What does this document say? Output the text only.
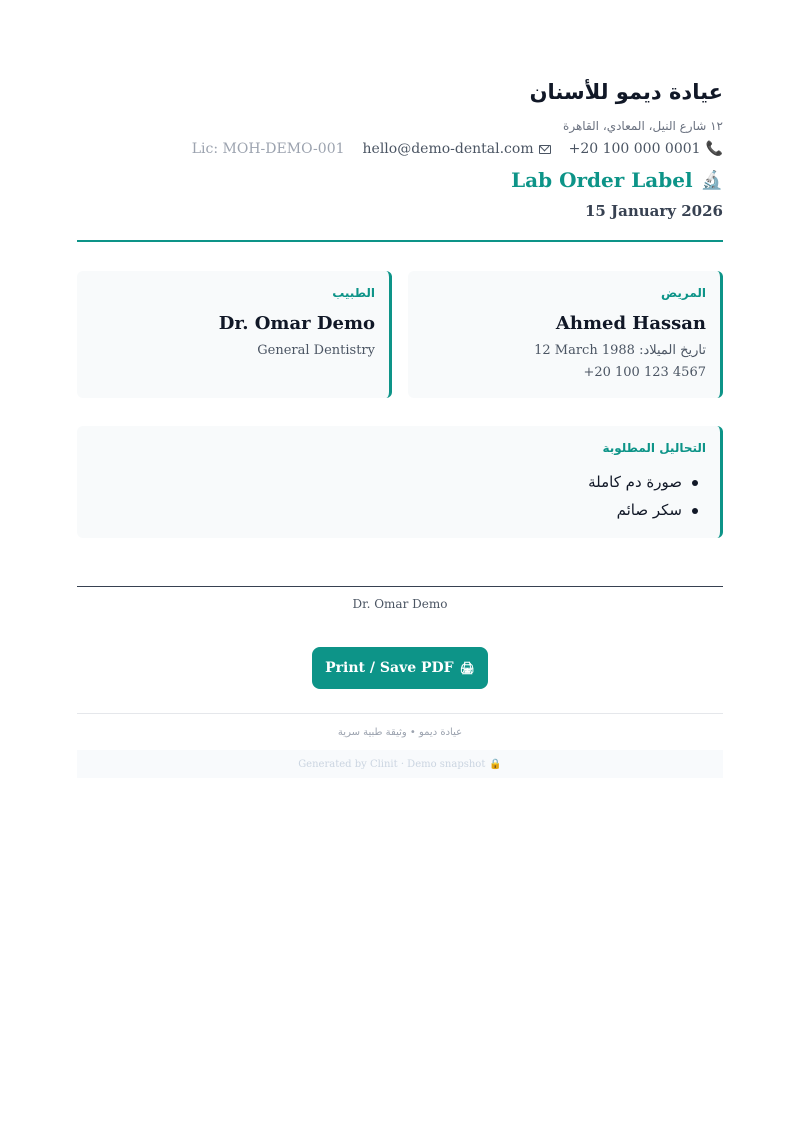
عيادة ديمو للأسنان
١٢ شارع النيل، المعادي، القاهرة
+20 100 000 0001 📞
hello@demo-dental.com
Lic: MOH-DEMO-001
Lab Order Label 🔬
15 January 2026
المريض
Ahmed Hassan
تاريخ الميلاد: 12 March 1988
+20 100 123 4567
الطبيب
Dr. Omar Demo
General Dentistry
التحاليل المطلوبة
صورة دم كاملة
سكر صائم
Dr. Omar Demo
Print / Save PDF 🖨
عيادة ديمو • وثيقة طبية سرية
Generated by Clinit · Demo snapshot 🔒
